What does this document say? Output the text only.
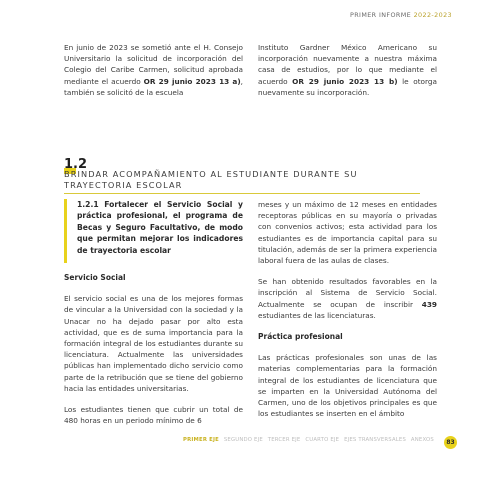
PRIMER INFORME 2022-2023

En junio de 2023 se sometió ante el H. Consejo Universitario la solicitud de incorporación del Colegio del Caribe Carmen, solicitud aprobada mediante el acuerdo OR 29 junio 2023 13 a), también se solicitó de la escuela

Instituto Gardner México Americano su incorporación nuevamente a nuestra máxima casa de estudios, por lo que mediante el acuerdo OR 29 junio 2023 13 b) le otorga nuevamente su incorporación.

1.2
BRINDAR ACOMPAÑAMIENTO AL ESTUDIANTE DURANTE SU TRAYECTORIA ESCOLAR
1.2.1 Fortalecer el Servicio Social y práctica profesional, el programa de Becas y Seguro Facultativo, de modo que permitan mejorar los indicadores de trayectoria escolar
Servicio Social

El servicio social es una de los mejores formas de vincular a la Universidad con la sociedad y la Unacar no ha dejado pasar por alto esta actividad, que es de suma importancia para la formación integral de los estudiantes durante su licenciatura. Actualmente las universidades públicas han implementado dicho servicio como parte de la retribución que se tiene del gobierno hacia las entidades universitarias.

Los estudiantes tienen que cubrir un total de 480 horas en un periodo mínimo de 6

meses y un máximo de 12 meses en entidades receptoras públicas en su mayoría o privadas con convenios activos; esta actividad para los estudiantes es de importancia capital para su titulación, además de ser la primera experiencia laboral fuera de las aulas de clases.

Se han obtenido resultados favorables en la inscripción al Sistema de Servicio Social. Actualmente se ocupan de inscribir 439 estudiantes de las licenciaturas.

Práctica profesional

Las prácticas profesionales son unas de las materias complementarias para la formación integral de los estudiantes de licenciatura que se imparten en la Universidad Autónoma del Carmen, uno de los objetivos principales es que los estudiantes se inserten en el ámbito

PRIMER EJE SEGUNDO EJE TERCER EJE CUARTO EJE EJES TRANSVERSALES ANEXOS	83
